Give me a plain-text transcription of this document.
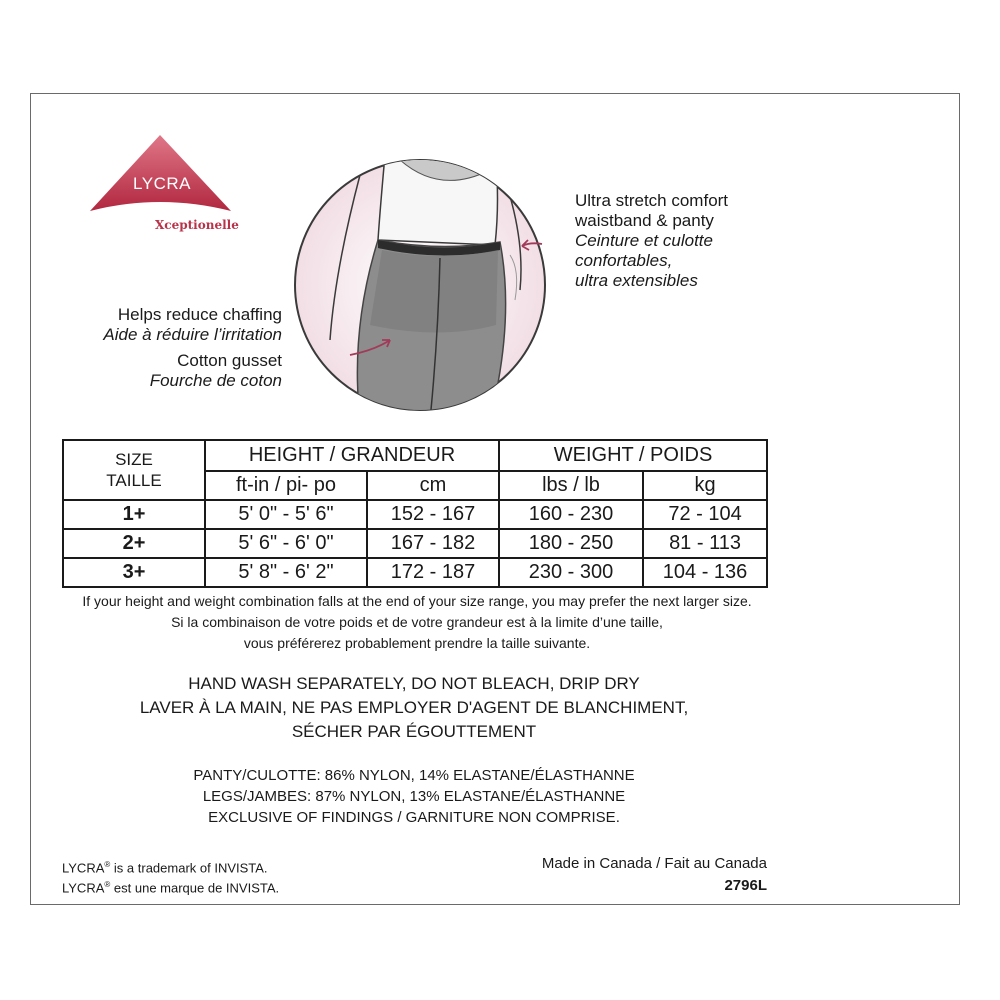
LYCRA
Xceptionelle
Ultra stretch comfort
waistband & panty
Ceinture et culotte
confortables,
ultra extensibles
Helps reduce chaffing
Aide à réduire l’irritation
Cotton gusset
Fourche de coton
SIZE
TAILLE	HEIGHT / GRANDEUR		WEIGHT / POIDS	
	ft-in / pi- po	cm	lbs / lb	kg
1+	5' 0" - 5' 6"	152 - 167	160 - 230	72 - 104
2+	5' 6" - 6' 0"	167 - 182	180 - 250	81 - 113
3+	5' 8" - 6' 2"	172 - 187	230 - 300	104 - 136
If your height and weight combination falls at the end of your size range, you may prefer the next larger size.
Si la combinaison de votre poids et de votre grandeur est à la limite d’une taille,
vous préférerez probablement prendre la taille suivante.
HAND WASH SEPARATELY, DO NOT BLEACH, DRIP DRY
LAVER À LA MAIN, NE PAS EMPLOYER D'AGENT DE BLANCHIMENT,
SÉCHER PAR ÉGOUTTEMENT
PANTY/CULOTTE: 86% NYLON, 14% ELASTANE/ÉLASTHANNE
LEGS/JAMBES: 87% NYLON, 13% ELASTANE/ÉLASTHANNE
EXCLUSIVE OF FINDINGS / GARNITURE NON COMPRISE.
LYCRA® is a trademark of INVISTA.
LYCRA® est une marque de INVISTA.
Made in Canada / Fait au Canada
2796L
